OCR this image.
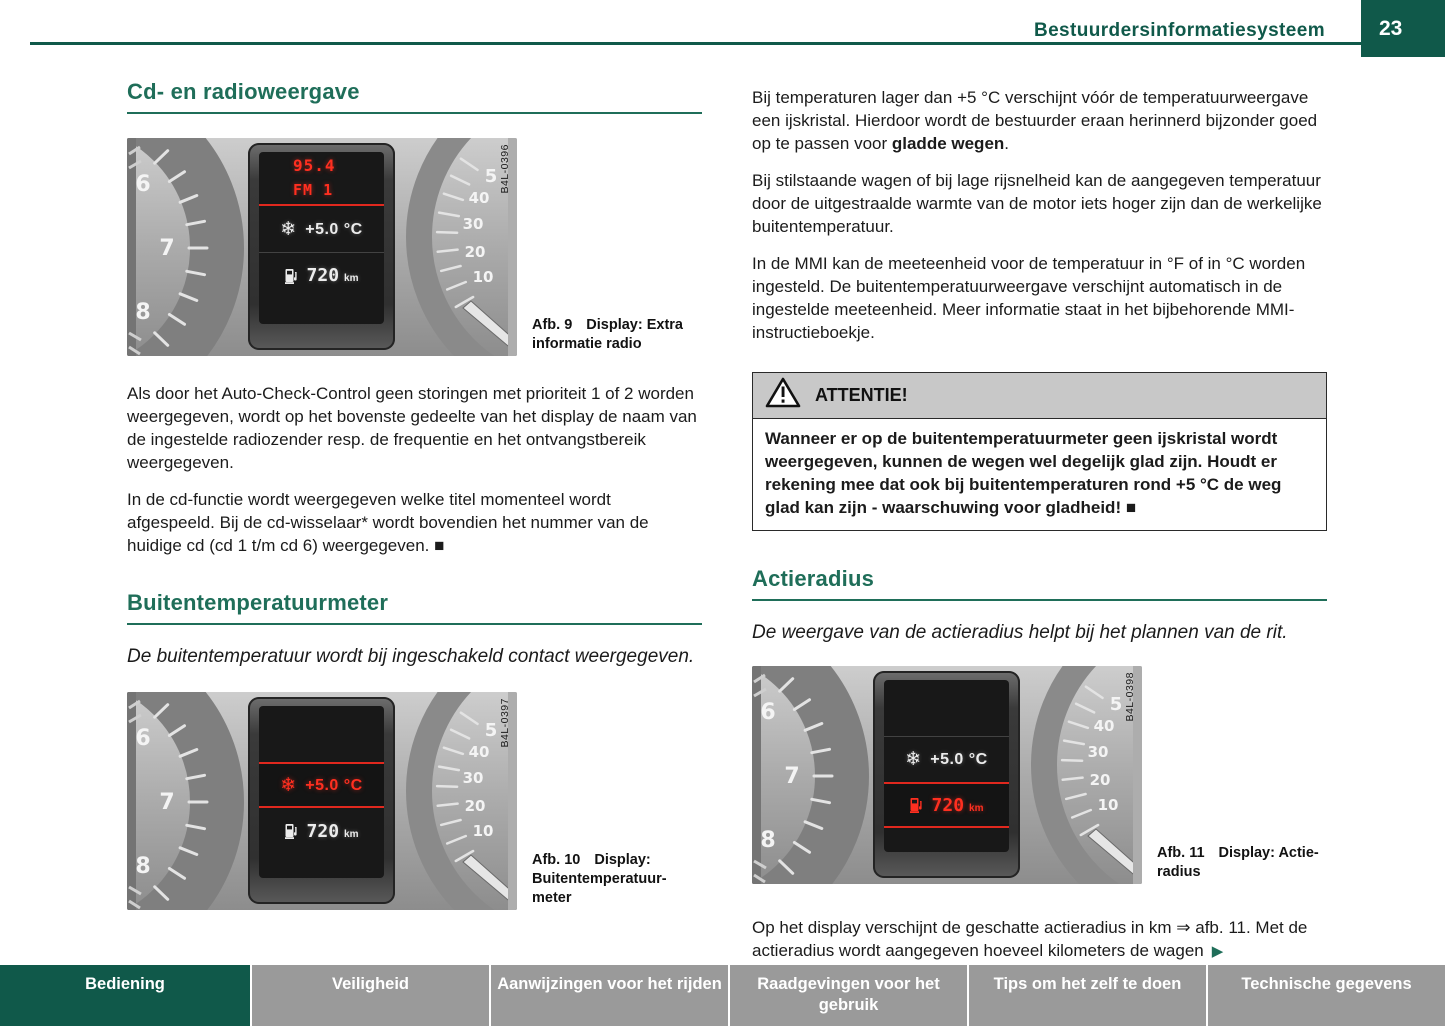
Bestuurdersinformatiesysteem	23
Cd- en radioweergave
6
7
8
5
40
30
20
10
95.4
FM 1
❄ +5.0 °C
720 km
B4L-0396
Afb. 9 Display: Extra informatie radio

Als door het Auto-Check-Control geen storingen met prioriteit 1 of 2 worden weergegeven, wordt op het bovenste gedeelte van het display de naam van de ingestelde radiozender resp. de frequentie en het ontvangstbereik weergegeven.

In de cd-functie wordt weergegeven welke titel momenteel wordt afgespeeld. Bij de cd-wisselaar* wordt bovendien het nummer van de huidige cd (cd 1 t/m cd 6) weergegeven. ■

Buitentemperatuurmeter

De buitentemperatuur wordt bij ingeschakeld contact weergegeven.

6
7
8
5
40
30
20
10
❄ +5.0 °C
720 km
B4L-0397
Afb. 10 Display: Buitentemperatuur-meter

Bij temperaturen lager dan +5 °C verschijnt vóór de temperatuurweergave een ijskristal. Hierdoor wordt de bestuurder eraan herinnerd bijzonder goed op te passen voor gladde wegen.

Bij stilstaande wagen of bij lage rijsnelheid kan de aangegeven temperatuur door de uitgestraalde warmte van de motor iets hoger zijn dan de werkelijke buitentemperatuur.

In de MMI kan de meeteenheid voor de temperatuur in °F of in °C worden ingesteld. De buitentemperatuurweergave verschijnt automatisch in de ingestelde meeteenheid. Meer informatie staat in het bijbehorende MMI-instructieboekje.

ATTENTIE!
Wanneer er op de buitentemperatuurmeter geen ijskristal wordt weergegeven, kunnen de wegen wel degelijk glad zijn. Houdt er rekening mee dat ook bij buitentemperaturen rond +5 °C de weg glad kan zijn - waarschuwing voor gladheid! ■
Actieradius

De weergave van de actieradius helpt bij het plannen van de rit.

6
7
8
5
40
30
20
10
❄ +5.0 °C
720 km
B4L-0398
Afb. 11 Display: Actie-radius

Op het display verschijnt de geschatte actieradius in km ⇒ afb. 11. Met de actieradius wordt aangegeven hoeveel kilometers de wagen ▶

Bediening	Veiligheid	Aanwijzingen voor het rijden	Raadgevingen voor het gebruik
Tips om het zelf te doen	Technische gegevens
